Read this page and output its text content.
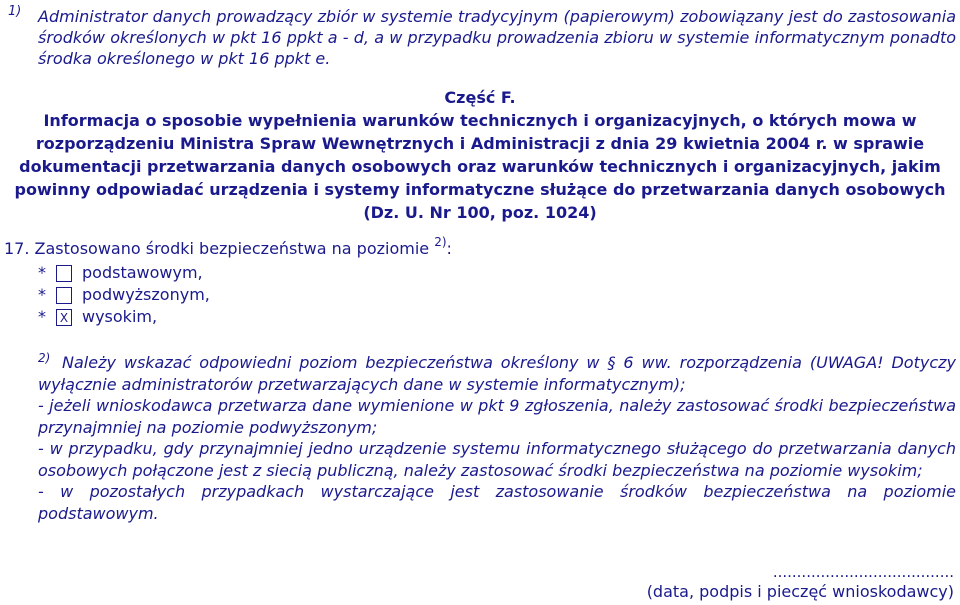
1) Administrator danych prowadzący zbiór w systemie tradycyjnym (papierowym) zobowiązany jest do zastosowania środków określonych w pkt 16 ppkt a - d, a w przypadku prowadzenia zbioru w systemie informatycznym ponadto środka określonego w pkt 16 ppkt e.
Część F.
Informacja o sposobie wypełnienia warunków technicznych i organizacyjnych, o których mowa w rozporządzeniu Ministra Spraw Wewnętrznych i Administracji z dnia 29 kwietnia 2004 r. w sprawie dokumentacji przetwarzania danych osobowych oraz warunków technicznych i organizacyjnych, jakim powinny odpowiadać urządzenia i systemy informatyczne służące do przetwarzania danych osobowych (Dz. U. Nr 100, poz. 1024)
17. Zastosowano środki bezpieczeństwa na poziomie $^{2)}$:
*	podstawowym,
*	podwyższonym,
*	X wysokim,
2) Należy wskazać odpowiedni poziom bezpieczeństwa określony w § 6 ww. rozporządzenia (UWAGA! Dotyczy wyłącznie administratorów przetwarzających dane w systemie informatycznym);

- jeżeli wnioskodawca przetwarza dane wymienione w pkt 9 zgłoszenia, należy zastosować środki bezpieczeństwa przynajmniej na poziomie podwyższonym;

- w przypadku, gdy przynajmniej jedno urządzenie systemu informatycznego służącego do przetwarzania danych osobowych połączone jest z siecią publiczną, należy zastosować środki bezpieczeństwa na poziomie wysokim;

- w pozostałych przypadkach wystarczające jest zastosowanie środków bezpieczeństwa na poziomie podstawowym.

......................................
(data, podpis i pieczęć wnioskodawcy)
